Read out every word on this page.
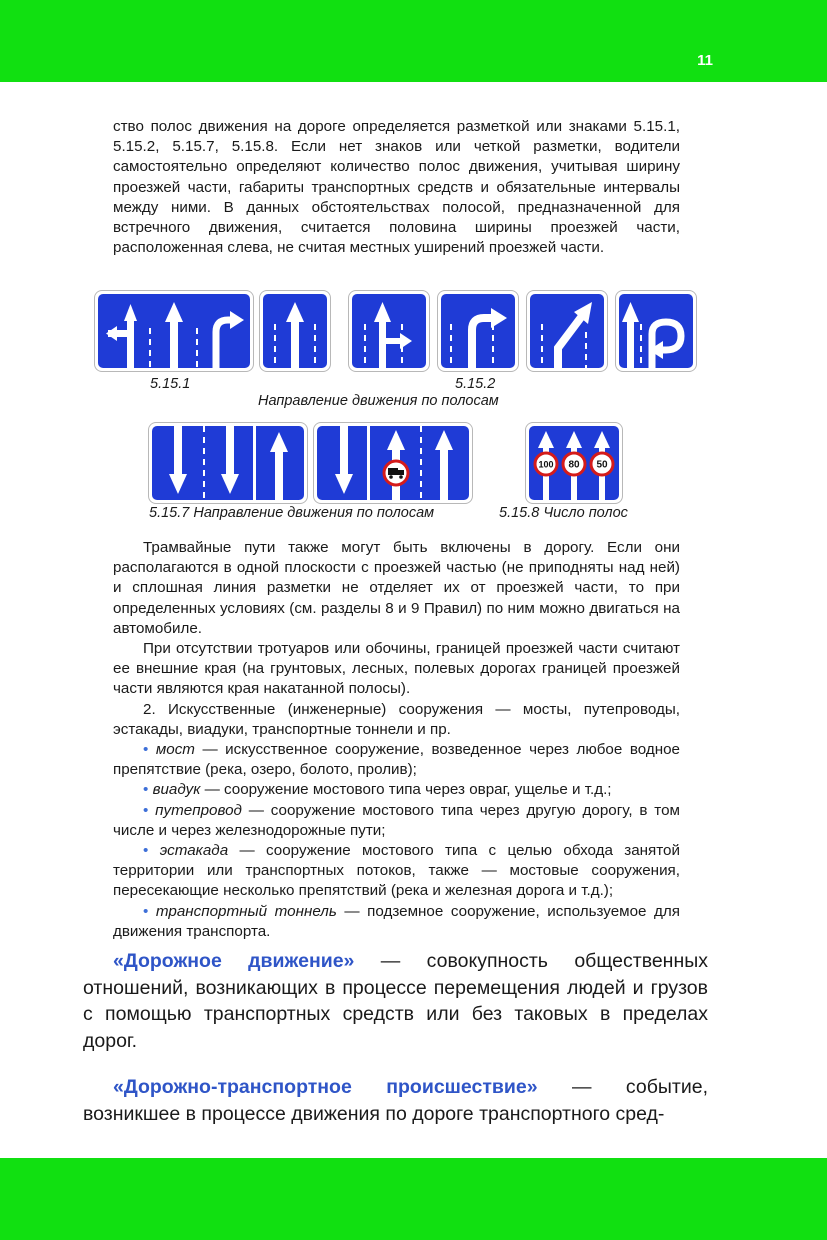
11

ство полос движения на дороге определяется разметкой или знаками 5.15.1, 5.15.2, 5.15.7, 5.15.8. Если нет знаков или четкой разметки, водители самостоятельно определяют количество полос движения, учитывая ширину проезжей части, габариты транспортных средств и обязательные интервалы между ними. В данных обстоятельствах полосой, предназначенной для встречного движения, считается половина ширины проезжей части, расположенная слева, не считая местных уширений проезжей части.

5.15.1	5.15.2
Направление движения по полосам
100 80 50
5.15.7 Направление движения по полосам	5.15.8 Число полос

Трамвайные пути также могут быть включены в дорогу. Если они располагаются в одной плоскости с проезжей частью (не приподняты над ней) и сплошная линия разметки не отделяет их от проезжей части, то при определенных условиях (см. разделы 8 и 9 Правил) по ним можно двигаться на автомобиле.

При отсутствии тротуаров или обочины, границей проезжей части считают ее внешние края (на грунтовых, лесных, полевых дорогах границей проезжей части являются края накатанной полосы).

2. Искусственные (инженерные) сооружения — мосты, путепроводы, эстакады, виадуки, транспортные тоннели и пр.

• мост — искусственное сооружение, возведенное через любое водное препятствие (река, озеро, болото, пролив);

• виадук — сооружение мостового типа через овраг, ущелье и т.д.;

• путепровод — сооружение мостового типа через другую дорогу, в том числе и через железнодорожные пути;

• эстакада — сооружение мостового типа с целью обхода занятой территории или транспортных потоков, также — мостовые сооружения, пересекающие несколько препятствий (река и железная дорога и т.д.);

• транспортный тоннель — подземное сооружение, используемое для движения транспорта.

«Дорожное движение» — совокупность общественных отношений, возникающих в процессе перемещения людей и грузов с помощью транспортных средств или без таковых в пределах дорог.

«Дорожно-транспортное происшествие» — событие, возникшее в процессе движения по дороге транспортного сред-
